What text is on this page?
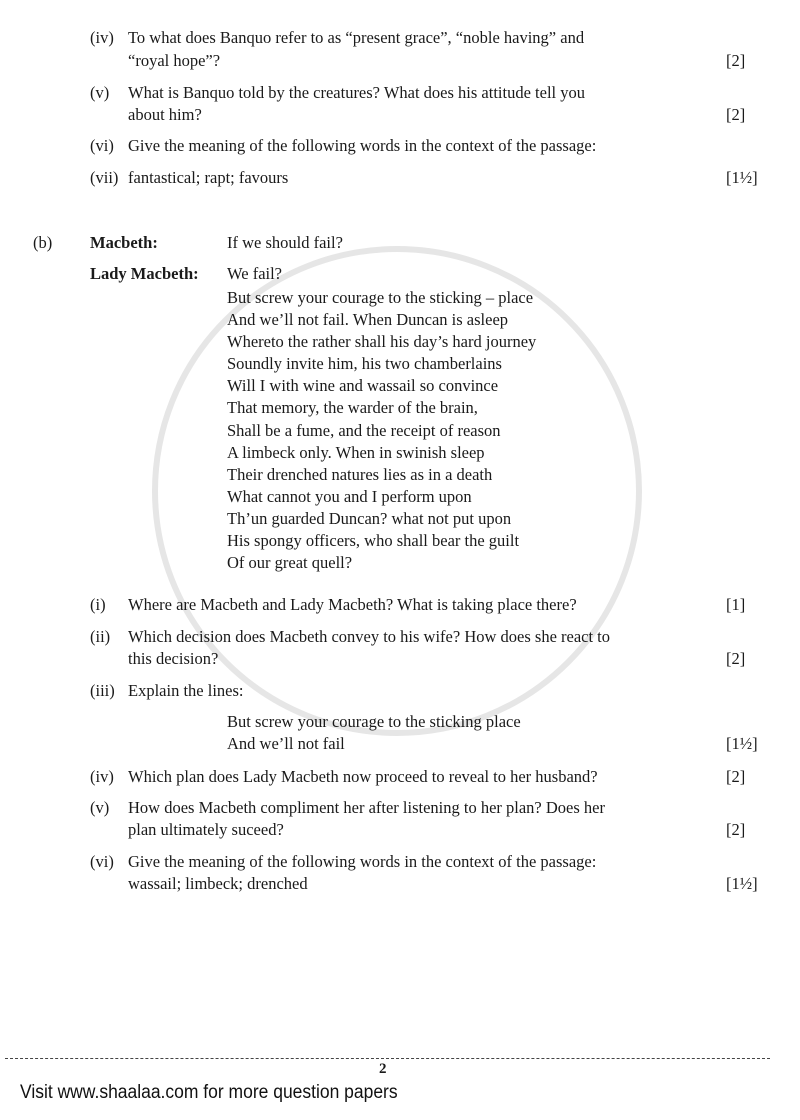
(iv) To what does Banquo refer to as “present grace”, “noble having” and
“royal hope”?	[2]
(v) What is Banquo told by the creatures? What does his attitude tell you
about him?	[2]
(vi) Give the meaning of the following words in the context of the passage:
(vii) fantastical; rapt; favours	[1½]
(b) Macbeth:	If we should fail?
Lady Macbeth: We fail?
But screw your courage to the sticking – place
And we’ll not fail. When Duncan is asleep
Whereto the rather shall his day’s hard journey
Soundly invite him, his two chamberlains
Will I with wine and wassail so convince
That memory, the warder of the brain,
Shall be a fume, and the receipt of reason
A limbeck only. When in swinish sleep
Their drenched natures lies as in a death
What cannot you and I perform upon
Th’un guarded Duncan? what not put upon
His spongy officers, who shall bear the guilt
Of our great quell?
(i) Where are Macbeth and Lady Macbeth? What is taking place there?	[1]
(ii) Which decision does Macbeth convey to his wife? How does she react to
this decision?	[2]
(iii) Explain the lines:
But screw your courage to the sticking place
And we’ll not fail	[1½]
(iv) Which plan does Lady Macbeth now proceed to reveal to her husband?	[2]
(v) How does Macbeth compliment her after listening to her plan? Does her
plan ultimately suceed?	[2]
(vi) Give the meaning of the following words in the context of the passage:
wassail; limbeck; drenched	[1½]
2
Visit www.shaalaa.com for more question papers
